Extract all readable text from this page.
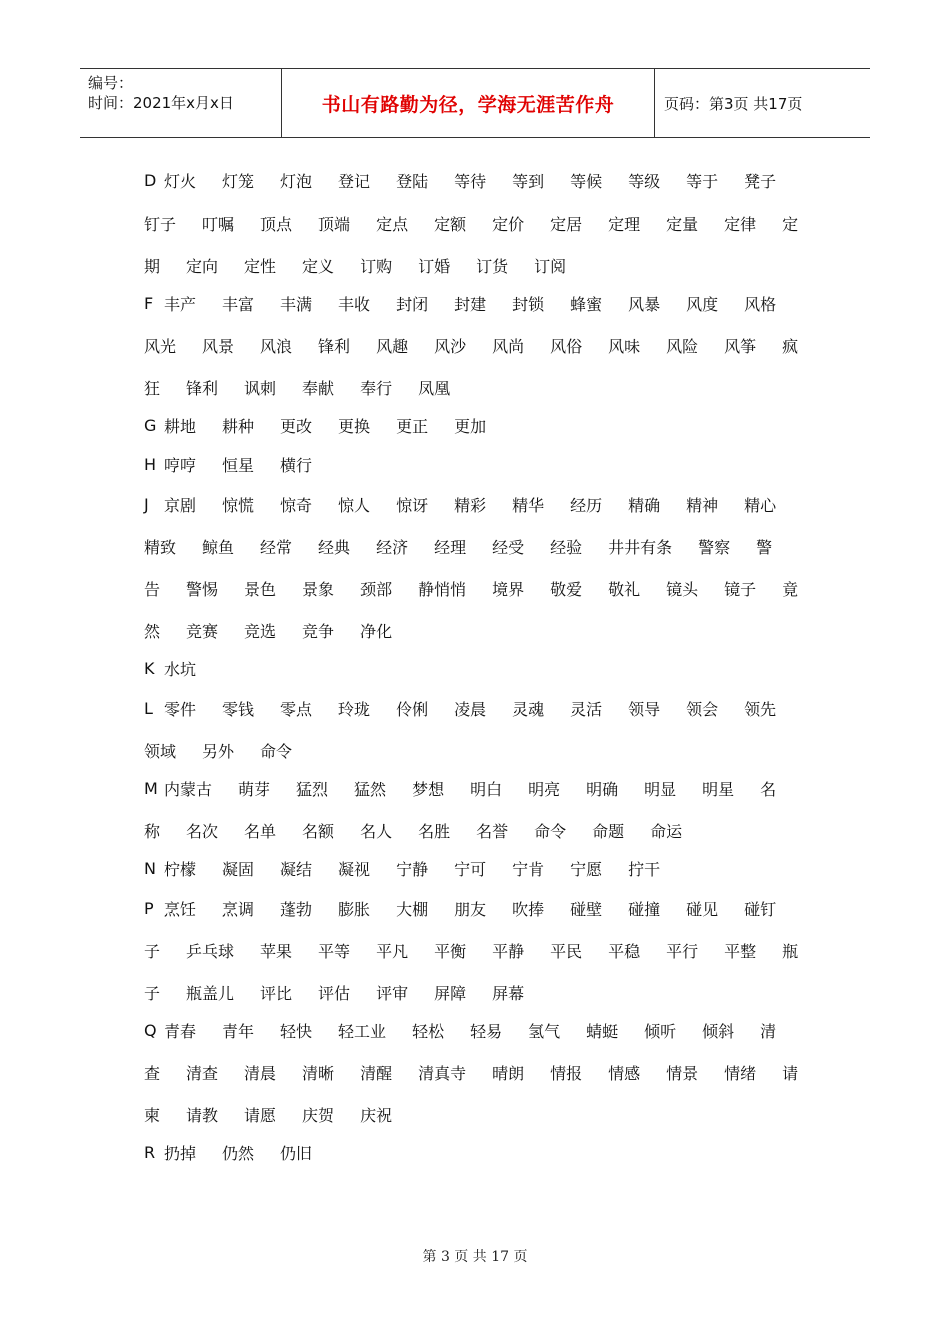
编号：
时间：2021年x月x日	书山有路勤为径，学海无涯苦作舟	页码：第3页 共17页
D 灯火 灯笼 灯泡 登记 登陆 等待 等到 等候 等级 等于 凳子
钉子 叮嘱 顶点 顶端 定点 定额 定价 定居 定理 定量 定律 定
期 定向 定性 定义 订购 订婚 订货 订阅
F 丰产 丰富 丰满 丰收 封闭 封建 封锁 蜂蜜 风暴 风度 风格
风光 风景 风浪 锋利 风趣 风沙 风尚 风俗 风味 风险 风筝 疯
狂 锋利 讽刺 奉献 奉行 凤凰
G 耕地 耕种 更改 更换 更正 更加
H 哼哼 恒星 横行
J 京剧 惊慌 惊奇 惊人 惊讶 精彩 精华 经历 精确 精神 精心
精致 鲸鱼 经常 经典 经济 经理 经受 经验 井井有条 警察 警
告 警惕 景色 景象 颈部 静悄悄 境界 敬爱 敬礼 镜头 镜子 竟
然 竞赛 竞选 竞争 净化
K 水坑
L 零件 零钱 零点 玲珑 伶俐 凌晨 灵魂 灵活 领导 领会 领先
领域 另外 命令
M 内蒙古 萌芽 猛烈 猛然 梦想 明白 明亮 明确 明显 明星 名
称 名次 名单 名额 名人 名胜 名誉 命令 命题 命运
N 柠檬 凝固 凝结 凝视 宁静 宁可 宁肯 宁愿 拧干
P 烹饪 烹调 蓬勃 膨胀 大棚 朋友 吹捧 碰壁 碰撞 碰见 碰钉
子 乒乓球 苹果 平等 平凡 平衡 平静 平民 平稳 平行 平整 瓶
子 瓶盖儿 评比 评估 评审 屏障 屏幕
Q 青春 青年 轻快 轻工业 轻松 轻易 氢气 蜻蜓 倾听 倾斜 清
查 清查 清晨 清晰 清醒 清真寺 晴朗 情报 情感 情景 情绪 请
柬 请教 请愿 庆贺 庆祝
R 扔掉 仍然 仍旧
第 3 页 共 17 页
